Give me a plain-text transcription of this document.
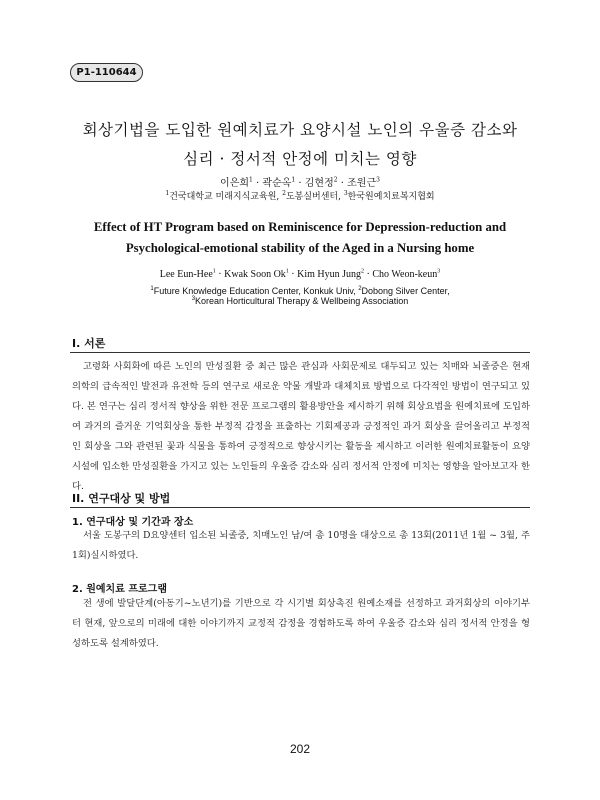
P1-110644
회상기법을 도입한 원예치료가 요양시설 노인의 우울증 감소와
심리 · 정서적 안정에 미치는 영향
이은희$^1$ · 곽순옥$^1$ · 김현정$^2$ · 조원근$^3$
$^1$건국대학교 미래지식교육원, $^2$도봉실버센터, $^3$한국원예치료복지협회
Effect of HT Program based on Reminiscence for Depression-reduction and
Psychological-emotional stability of the Aged in a Nursing home
Lee Eun-Hee$^1$ · Kwak Soon $Ok^1$ · Kim Hyun Jung$^2$ · Cho Weon-keun$^3$
$^1$Future Knowledge Education Center, Konkuk Univ, $^2$Dobong Silver Center,
$^3$Korean Horticultural Therapy & Wellbeing Association
I. 서론

고령화 사회화에 따른 노인의 만성질환 중 최근 많은 관심과 사회문제로 대두되고 있는 치매와 뇌졸중은 현재 의학의 급속적인 발전과 유전학 등의 연구로 새로운 약물 개발과 대체치료 방법으로 다각적인 방법이 연구되고 있다. 본 연구는 심리 정서적 향상을 위한 전문 프로그램의 활용방안을 제시하기 위해 회상요법을 원예치료에 도입하여 과거의 즐거운 기억회상을 통한 부정적 감정을 표출하는 기회제공과 긍정적인 과거 회상을 끌어올리고 부정적인 회상을 그와 관련된 꽃과 식물을 통하여 긍정적으로 향상시키는 활동을 제시하고 이러한 원예치료활동이 요양시설에 입소한 만성질환을 가지고 있는 노인들의 우울증 감소와 심리 정서적 안정에 미치는 영향을 알아보고자 한다.

II. 연구대상 및 방법
1. 연구대상 및 기간과 장소

서울 도봉구의 D요양센터 입소된 뇌졸중, 치매노인 남/여 총 10명을 대상으로 총 13회(2011년 1월 ~ 3월, 주 1회)실시하였다.

2. 원예치료 프로그램

전 생에 발달단계(아동기~노년기)를 기반으로 각 시기별 회상촉진 원예소재를 선정하고 과거회상의 이야기부터 현재, 앞으로의 미래에 대한 이야기까지 교정적 감정을 경험하도록 하여 우울증 감소와 심리 정서적 안정을 형성하도록 설계하였다.

202
